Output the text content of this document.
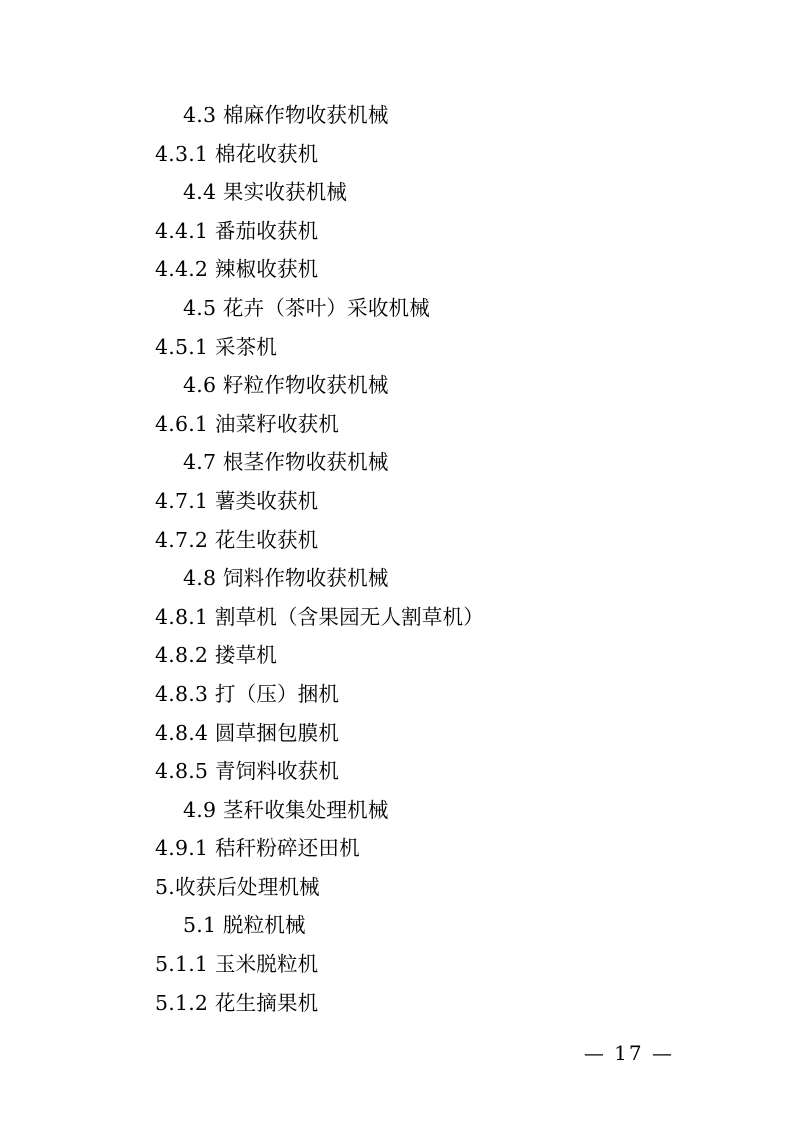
4.3 棉麻作物收获机械
4.3.1 棉花收获机
4.4 果实收获机械
4.4.1 番茄收获机
4.4.2 辣椒收获机
4.5 花卉（茶叶）采收机械
4.5.1 采茶机
4.6 籽粒作物收获机械
4.6.1 油菜籽收获机
4.7 根茎作物收获机械
4.7.1 薯类收获机
4.7.2 花生收获机
4.8 饲料作物收获机械
4.8.1 割草机（含果园无人割草机）
4.8.2 搂草机
4.8.3 打（压）捆机
4.8.4 圆草捆包膜机
4.8.5 青饲料收获机
4.9 茎秆收集处理机械
4.9.1 秸秆粉碎还田机
5.收获后处理机械
5.1 脱粒机械
5.1.1 玉米脱粒机
5.1.2 花生摘果机
— 17 —
